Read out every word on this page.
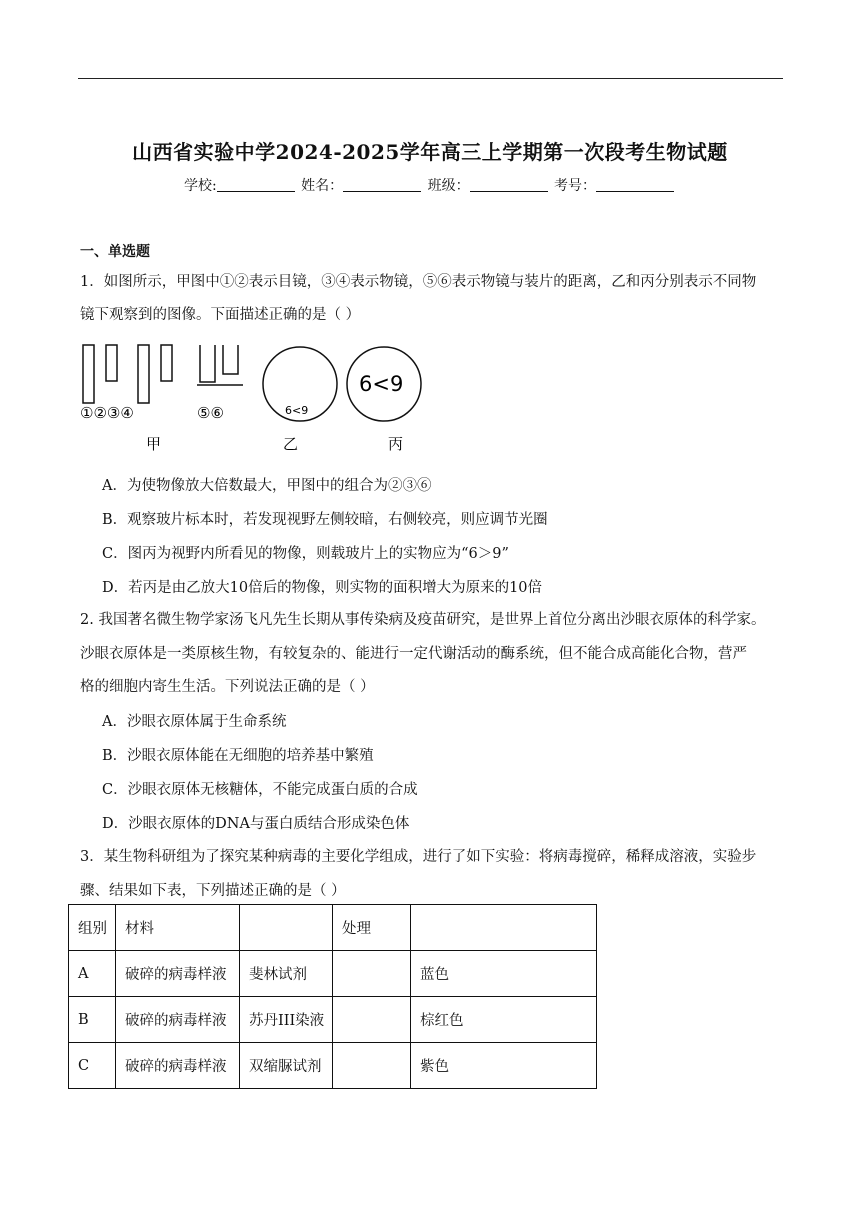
山西省实验中学2024-2025学年高三上学期第一次段考生物试题
学校:	姓名：	班级：	考号：
一、单选题
1．如图所示，甲图中①②表示目镜，③④表示物镜，⑤⑥表示物镜与装片的距离，乙和丙分别表示不同物
镜下观察到的图像。下面描述正确的是（ ）
①②③④	⑤⑥
甲
6<9
乙
6<9
丙
A．为使物像放大倍数最大，甲图中的组合为②③⑥
B．观察玻片标本时，若发现视野左侧较暗，右侧较亮，则应调节光圈
C．图丙为视野内所看见的物像，则载玻片上的实物应为“6＞9”
D．若丙是由乙放大10倍后的物像，则实物的面积增大为原来的10倍
2. 我国著名微生物学家汤飞凡先生长期从事传染病及疫苗研究，是世界上首位分离出沙眼衣原体的科学家。
沙眼衣原体是一类原核生物，有较复杂的、能进行一定代谢活动的酶系统，但不能合成高能化合物，营严
格的细胞内寄生生活。下列说法正确的是（ ）
A．沙眼衣原体属于生命系统
B．沙眼衣原体能在无细胞的培养基中繁殖
C．沙眼衣原体无核糖体，不能完成蛋白质的合成
D．沙眼衣原体的DNA与蛋白质结合形成染色体
3．某生物科研组为了探究某种病毒的主要化学组成，进行了如下实验：将病毒搅碎，稀释成溶液，实验步
骤、结果如下表，下列描述正确的是（ ）
组别	材料		处理	
A	破碎的病毒样液	斐林试剂		蓝色
B	破碎的病毒样液	苏丹III染液		棕红色
C	破碎的病毒样液	双缩脲试剂		紫色
